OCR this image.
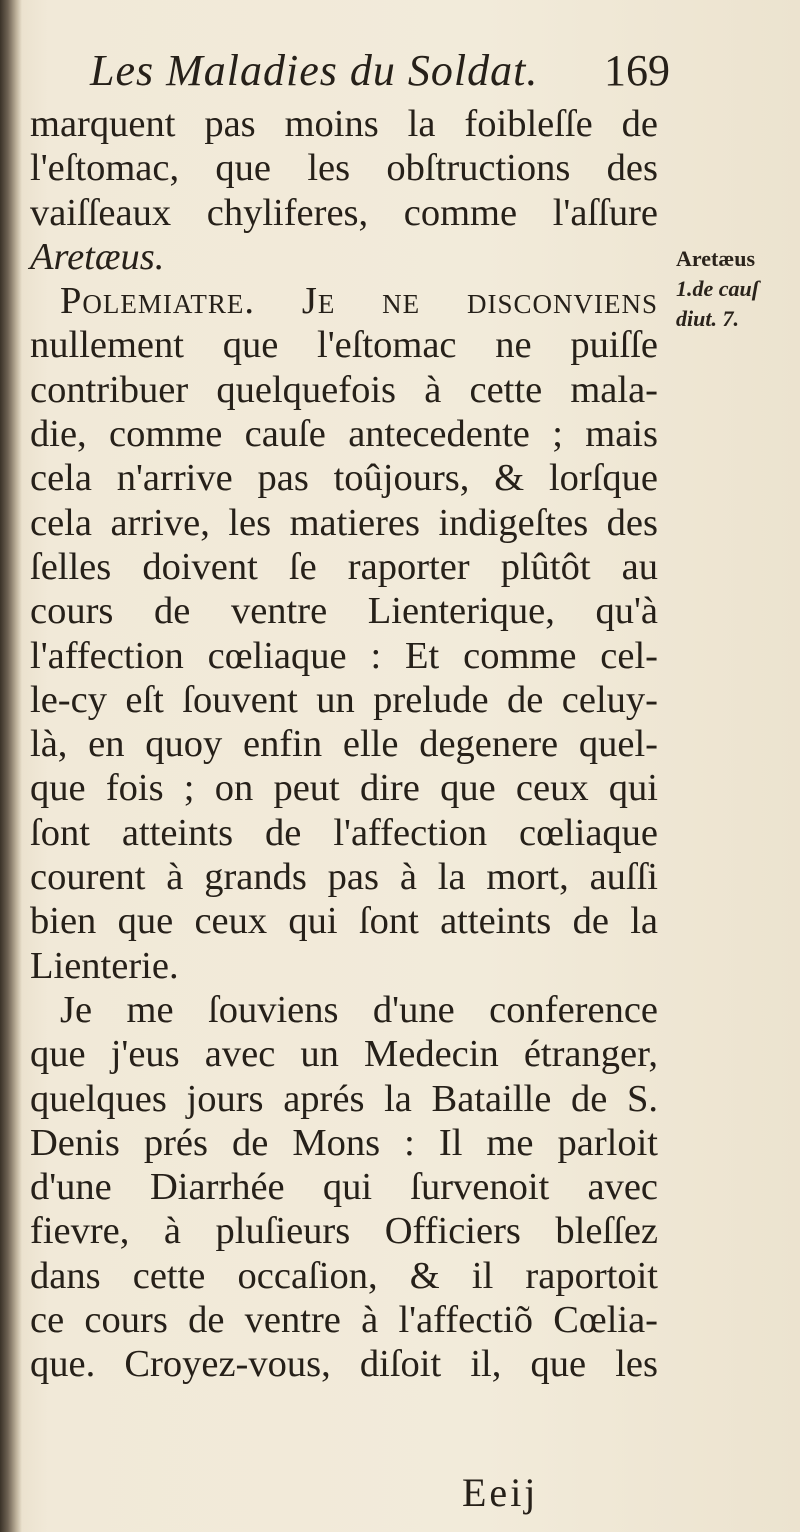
Les Maladies du Soldat. 169
Aretæus
1.de cauſ
diut. 7.
marquent pas moins la foibleſſe de
l'eſtomac, que les obſtructions des
vaiſſeaux chyliferes, comme l'aſſure
Aretæus.
Polemiatre. Je ne diſconviens
nullement que l'eſtomac ne puiſſe
contribuer quelquefois à cette mala-
die, comme cauſe antecedente ; mais
cela n'arrive pas toûjours, & lorſque
cela arrive, les matieres indigeſtes des
ſelles doivent ſe raporter plûtôt au
cours de ventre Lienterique, qu'à
l'affection cœliaque : Et comme cel-
le-cy eſt ſouvent un prelude de celuy-
là, en quoy enfin elle degenere quel-
que fois ; on peut dire que ceux qui
ſont atteints de l'affection cœliaque
courent à grands pas à la mort, auſſi
bien que ceux qui ſont atteints de la
Lienterie.
Je me ſouviens d'une conference
que j'eus avec un Medecin étranger,
quelques jours aprés la Bataille de S.
Denis prés de Mons : Il me parloit
d'une Diarrhée qui ſurvenoit avec
fievre, à pluſieurs Officiers bleſſez
dans cette occaſion, & il raportoit
ce cours de ventre à l'affectiõ Cœlia-
que. Croyez-vous, diſoit il, que les
Eeij
